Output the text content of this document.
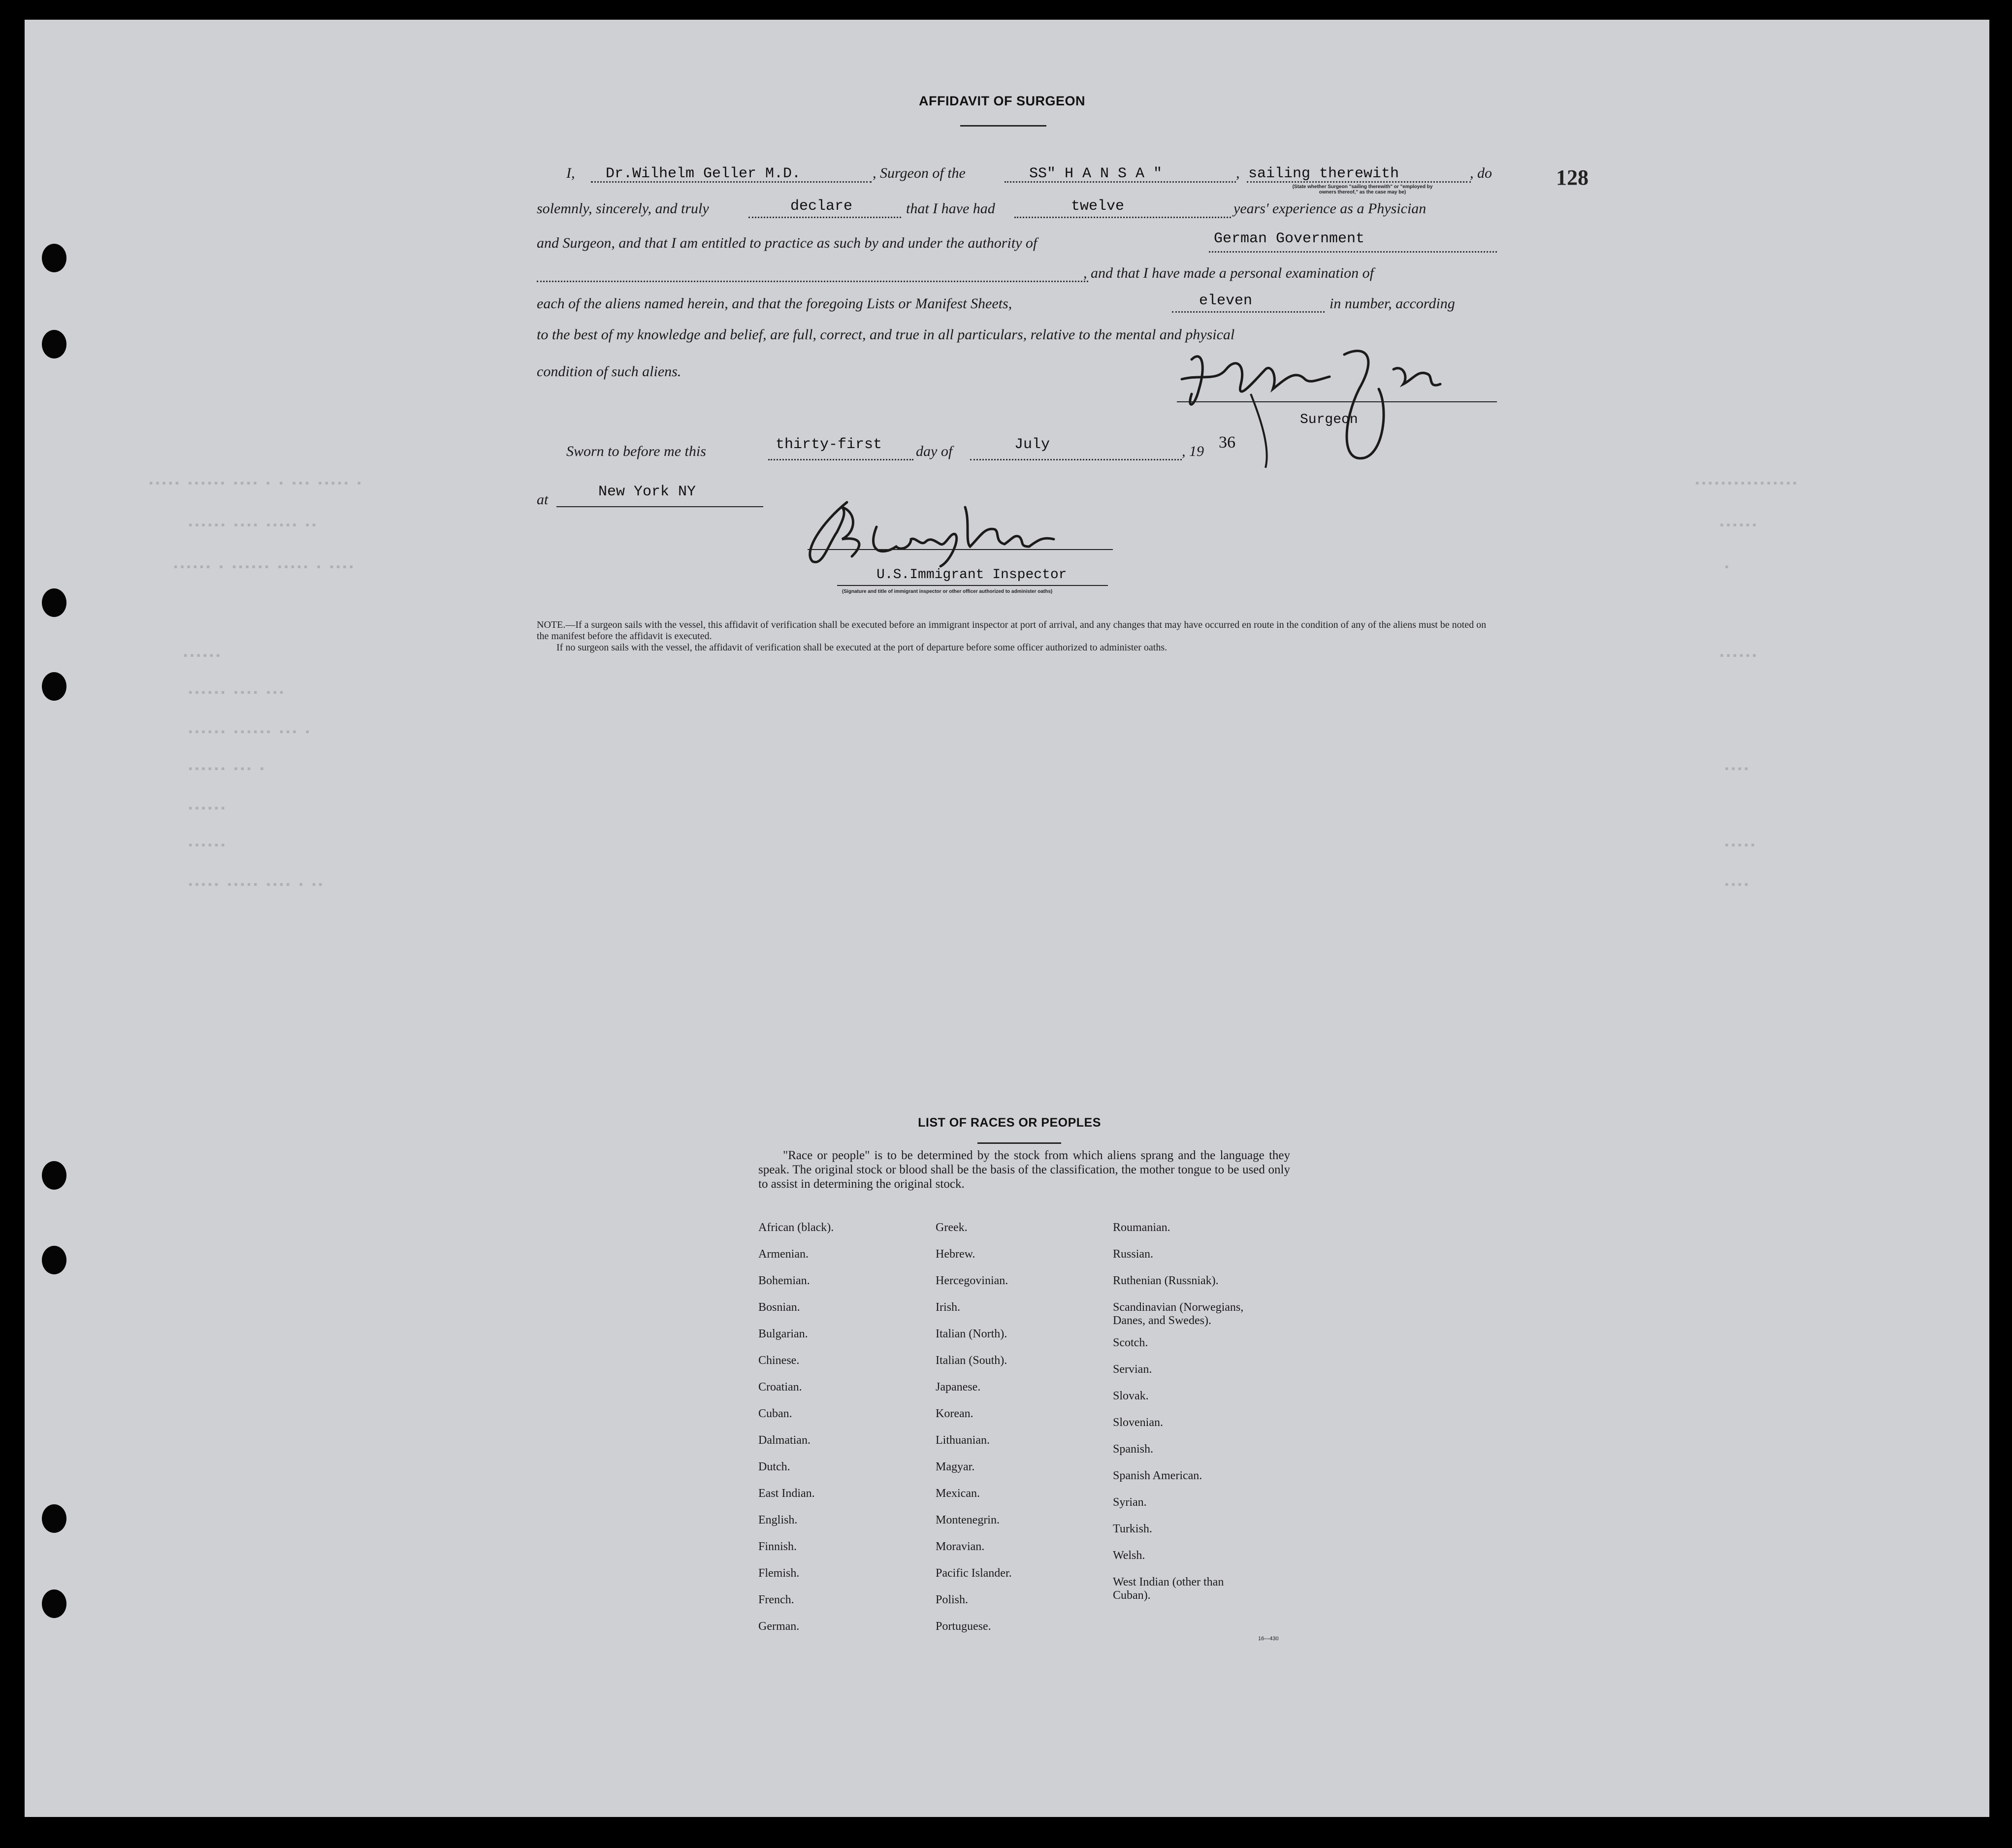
▪▪▪▪▪ ▪▪▪▪▪▪ ▪▪▪▪ ▪ ▪ ▪▪▪ ▪▪▪▪▪ ▪
▪▪▪▪▪▪ ▪▪▪▪ ▪▪▪▪▪ ▪▪
▪▪▪▪▪▪ ▪ ▪▪▪▪▪▪ ▪▪▪▪▪ ▪ ▪▪▪▪
▪▪▪▪▪▪
▪▪▪▪▪▪ ▪▪▪▪ ▪▪▪
▪▪▪▪▪▪ ▪▪▪▪▪▪ ▪▪▪ ▪
▪▪▪▪▪▪ ▪▪▪ ▪
▪▪▪▪▪▪
▪▪▪▪▪▪
▪▪▪▪▪ ▪▪▪▪▪ ▪▪▪▪ ▪ ▪▪
▪▪▪▪▪▪▪▪▪▪▪▪▪▪▪▪
▪▪▪▪▪▪
▪
▪▪▪▪▪▪
▪▪▪▪
▪▪▪▪▪
▪▪▪▪
128
AFFIDAVIT OF SURGEON
I, Dr.Wilhelm Geller M.D.	, Surgeon of the	SS" H A N S A "	, sailing therewith	, do
(State whether Surgeon "sailing therewith" or "employed by
owners thereof," as the case may be)
solemnly, sincerely, and truly	declare	that I have had	twelve	years' experience as a Physician
and Surgeon, and that I am entitled to practice as such by and under the authority of	German Government
, and that I have made a personal examination of
each of the aliens named herein, and that the foregoing Lists or Manifest Sheets,	eleven	in number, according
to the best of my knowledge and belief, are full, correct, and true in all particulars, relative to the mental and physical
condition of such aliens.
Surgeon
Sworn to before me this	thirty-first day of	July	, 19 36
at	New York NY
U.S.Immigrant Inspector
(Signature and title of immigrant inspector or other officer authorized to administer oaths)
NOTE.—If a surgeon sails with the vessel, this affidavit of verification shall be executed before an immigrant inspector at port of arrival, and any changes that may have occurred en route in the condition of any of the aliens must be noted on the manifest before the affidavit is executed.
If no surgeon sails with the vessel, the affidavit of verification shall be executed at the port of departure before some officer authorized to administer oaths.
LIST OF RACES OR PEOPLES
"Race or people" is to be determined by the stock from which aliens sprang and the language they speak. The original stock or blood shall be the basis of the classification, the mother tongue to be used only to assist in determining the original stock.
African (black).
Armenian.
Bohemian.
Bosnian.
Bulgarian.
Chinese.
Croatian.
Cuban.
Dalmatian.
Dutch.
East Indian.
English.
Finnish.
Flemish.
French.
German.
Greek.
Hebrew.
Hercegovinian.
Irish.
Italian (North).
Italian (South).
Japanese.
Korean.
Lithuanian.
Magyar.
Mexican.
Montenegrin.
Moravian.
Pacific Islander.
Polish.
Portuguese.
Roumanian.
Russian.
Ruthenian (Russniak).
Scandinavian (Norwegians,
Danes, and Swedes).
Scotch.
Servian.
Slovak.
Slovenian.
Spanish.
Spanish American.
Syrian.
Turkish.
Welsh.
West Indian (other than
Cuban).
16—430
